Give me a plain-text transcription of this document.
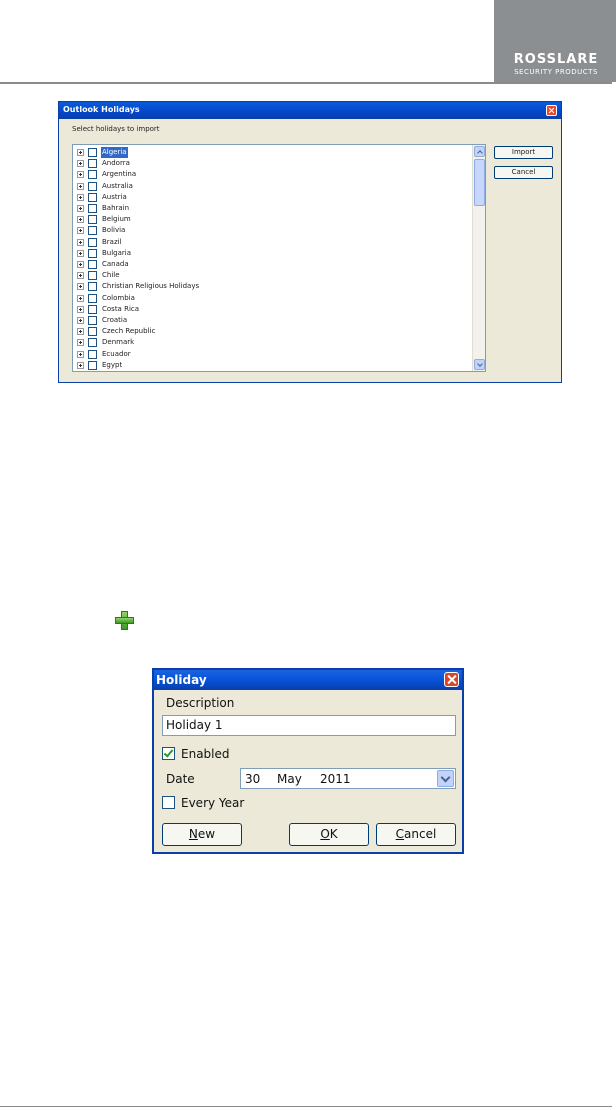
ROSSLARE
SECURITY PRODUCTS
Outlook Holidays
Select holidays to import
Algeria
Andorra
Argentina
Australia
Austria
Bahrain
Belgium
Bolivia
Brazil
Bulgaria
Canada
Chile
Christian Religious Holidays
Colombia
Costa Rica
Croatia
Czech Republic
Denmark
Ecuador
Egypt
Import
Cancel
Holiday
Description
Holiday 1
Enabled
Date	30 May 2011
Every Year
New	OK	Cancel
